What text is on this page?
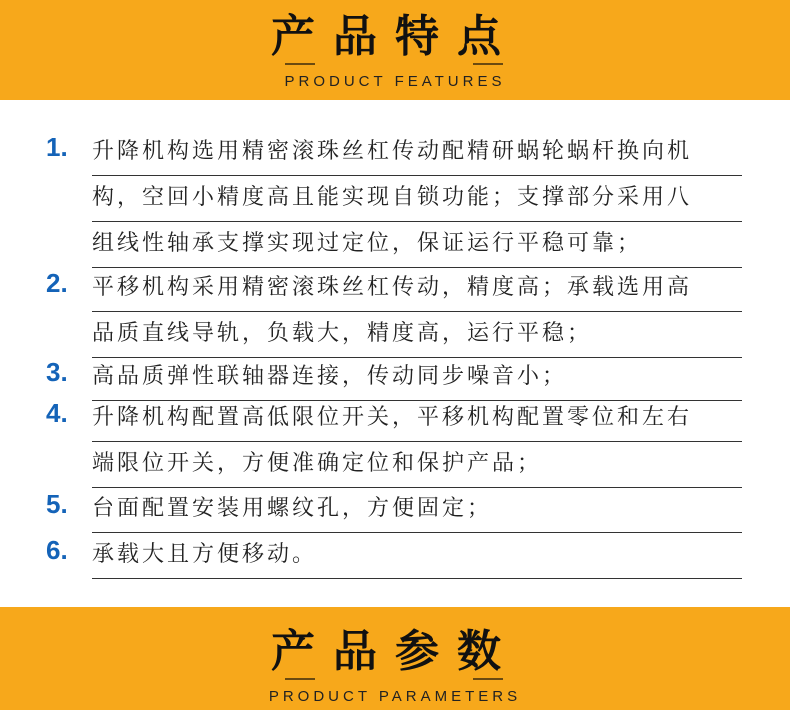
产品特点
PRODUCT FEATURES
1.	升降机构选用精密滚珠丝杠传动配精研蜗轮蜗杆换向机
构，空回小精度高且能实现自锁功能；支撑部分采用八
组线性轴承支撑实现过定位，保证运行平稳可靠；
2.	平移机构采用精密滚珠丝杠传动，精度高；承载选用高
品质直线导轨，负载大，精度高，运行平稳；
3.	高品质弹性联轴器连接，传动同步噪音小；
4.	升降机构配置高低限位开关，平移机构配置零位和左右
端限位开关，方便准确定位和保护产品；
5.	台面配置安装用螺纹孔，方便固定；
6.	承载大且方便移动。
产品参数
PRODUCT PARAMETERS
